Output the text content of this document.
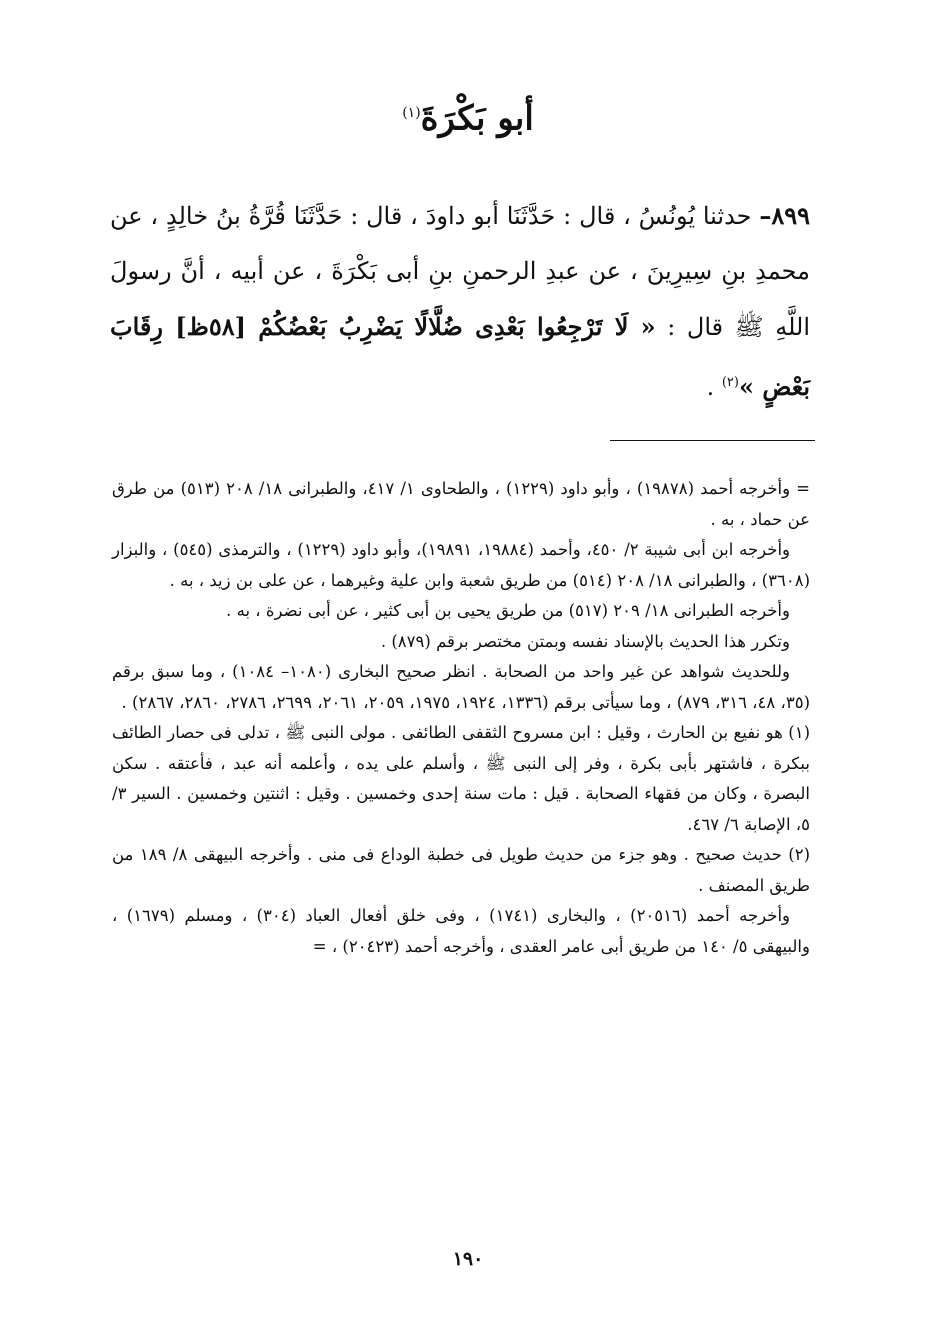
أبو بَكْرَةَ$^{(١)}$
٨٩٩– حدثنا يُونُسُ ، قال : حَدَّثَنَا أبو داودَ ، قال : حَدَّثَنَا قُرَّةُ بنُ خالِدٍ ، عن محمدِ بنِ سِيرِينَ ، عن عبدِ الرحمنِ بنِ أبى بَكْرَةَ ، عن أبيه ، أنَّ رسولَ اللَّهِ ﷺ قال : « لَا تَرْجِعُوا بَعْدِى ضُلَّالًا يَضْرِبُ بَعْضُكُمْ [٥٨ظ] رِقَابَ بَعْضٍ »$^{(٢)}$ .

= وأخرجه أحمد (١٩٨٧٨) ، وأبو داود (١٢٢٩) ، والطحاوى ١/ ٤١٧، والطبرانى ١٨/ ٢٠٨ (٥١٣) من طرق عن حماد ، به .

وأخرجه ابن أبى شيبة ٢/ ٤٥٠، وأحمد (١٩٨٨٤، ١٩٨٩١)، وأبو داود (١٢٢٩) ، والترمذى (٥٤٥) ، والبزار (٣٦٠٨) ، والطبرانى ١٨/ ٢٠٨ (٥١٤) من طريق شعبة وابن علية وغيرهما ، عن على بن زيد ، به .

وأخرجه الطبرانى ١٨/ ٢٠٩ (٥١٧) من طريق يحيى بن أبى كثير ، عن أبى نضرة ، به .

وتكرر هذا الحديث بالإسناد نفسه وبمتن مختصر برقم (٨٧٩) .

وللحديث شواهد عن غير واحد من الصحابة . انظر صحيح البخارى (١٠٨٠– ١٠٨٤) ، وما سبق برقم (٣٥، ٤٨، ٣١٦، ٨٧٩) ، وما سيأتى برقم (١٣٣٦، ١٩٢٤، ١٩٧٥، ٢٠٥٩، ٢٠٦١، ٢٦٩٩، ٢٧٨٦، ٢٨٦٠، ٢٨٦٧) .

(١) هو نفيع بن الحارث ، وقيل : ابن مسروح الثقفى الطائفى . مولى النبى ﷺ ، تدلى فى حصار الطائف ببكرة ، فاشتهر بأبى بكرة ، وفر إلى النبى ﷺ ، وأسلم على يده ، وأعلمه أنه عبد ، فأعتقه . سكن البصرة ، وكان من فقهاء الصحابة . قيل : مات سنة إحدى وخمسين . وقيل : اثنتين وخمسين . السير ٣/ ٥، الإصابة ٦/ ٤٦٧.

(٢) حديث صحيح . وهو جزء من حديث طويل فى خطبة الوداع فى منى . وأخرجه البيهقى ٨/ ١٨٩ من طريق المصنف .

وأخرجه أحمد (٢٠٥١٦) ، والبخارى (١٧٤١) ، وفى خلق أفعال العباد (٣٠٤) ، ومسلم (١٦٧٩) ، والبيهقى ٥/ ١٤٠ من طريق أبى عامر العقدى ، وأخرجه أحمد (٢٠٤٢٣) ، =

١٩٠
